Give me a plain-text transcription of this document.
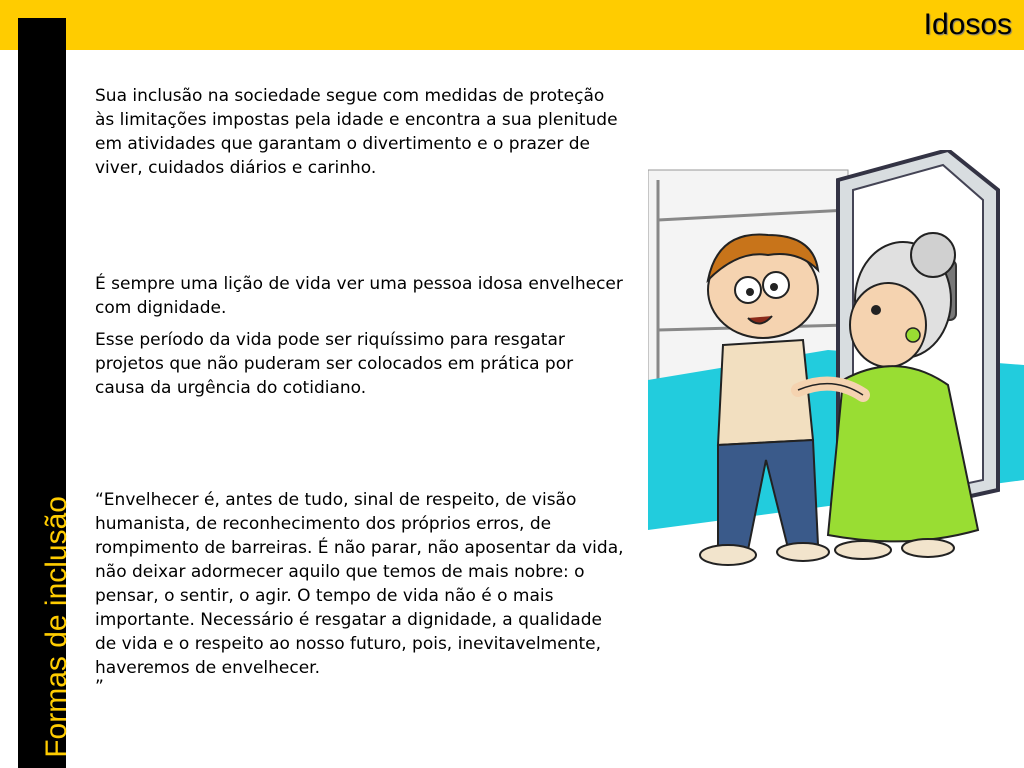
Idosos
Formas de inclusão

Sua inclusão na sociedade segue com medidas de proteção às limitações impostas pela idade e encontra a sua plenitude em atividades que garantam o divertimento e o prazer de viver, cuidados diários e carinho.

É sempre uma lição de vida ver uma pessoa idosa envelhecer com dignidade.

Esse período da vida pode ser riquíssimo para resgatar projetos que não puderam ser colocados em prática por causa da urgência do cotidiano.

“Envelhecer é, antes de tudo, sinal de respeito, de visão humanista, de reconhecimento dos próprios erros, de rompimento de barreiras. É não parar, não aposentar da vida, não deixar adormecer aquilo que temos de mais nobre: o pensar, o sentir, o agir. O tempo de vida não é o mais importante. Necessário é resgatar a dignidade, a qualidade de vida e o respeito ao nosso futuro, pois, inevitavelmente, haveremos de envelhecer.

”
